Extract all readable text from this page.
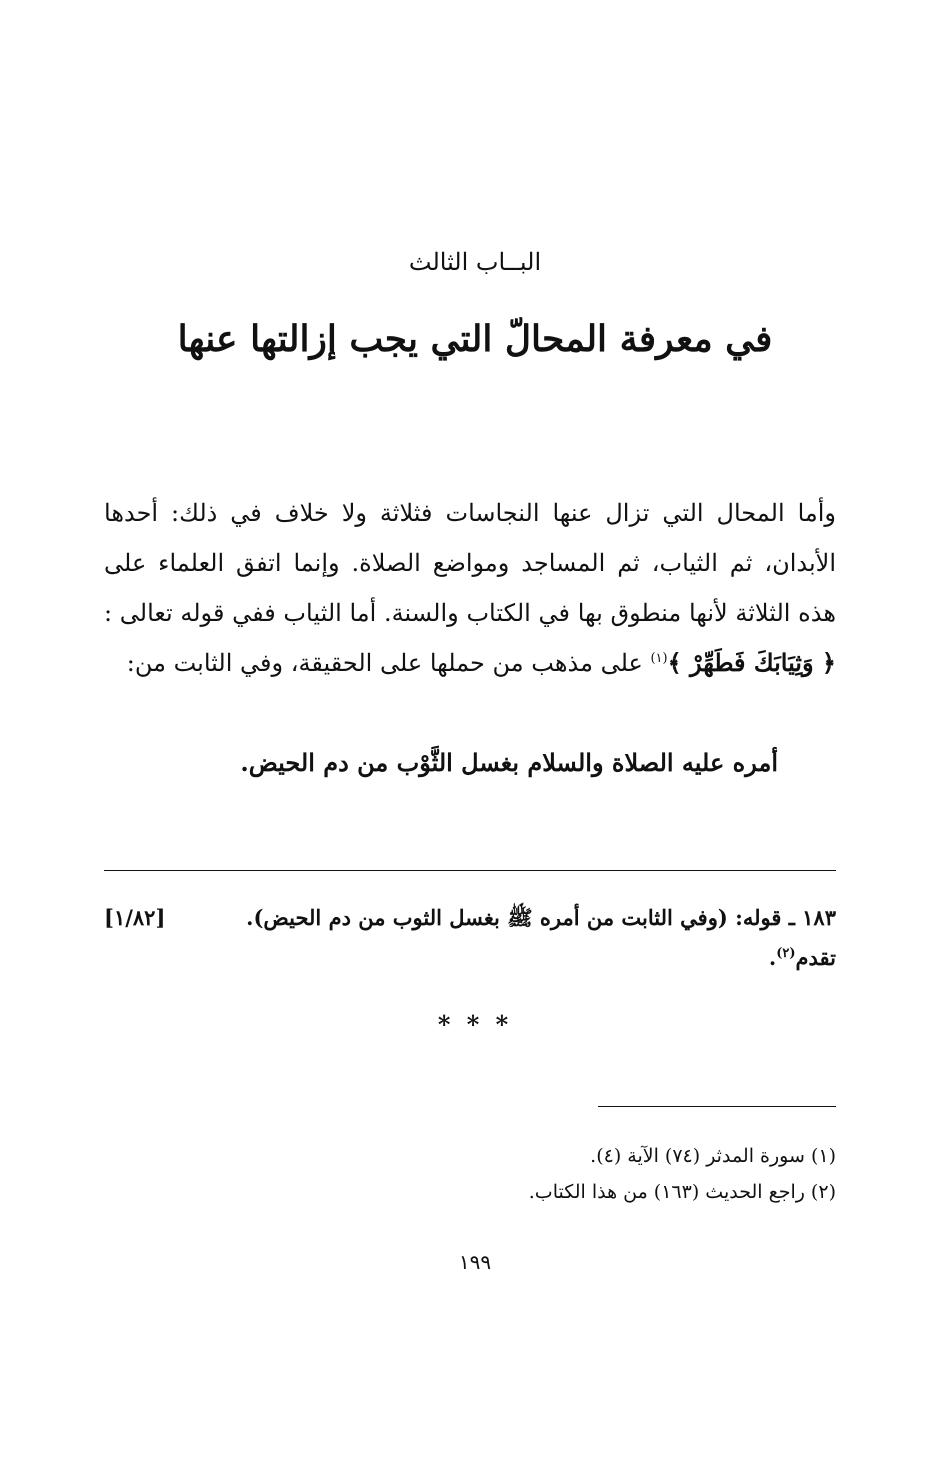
البــاب الثالث
في معرفة المحالّ التي يجب إزالتها عنها
وأما المحال التي تزال عنها النجاسات فثلاثة ولا خلاف في ذلك: أحدها الأبدان، ثم الثياب، ثم المساجد ومواضع الصلاة. وإنما اتفق العلماء على هذه الثلاثة لأنها منطوق بها في الكتاب والسنة. أما الثياب ففي قوله تعالى :﴿ وَثِيَابَكَ فَطَهِّرْ ﴾$^{(١)}$ على مذهب من حملها على الحقيقة، وفي الثابت من:
أمره عليه الصلاة والسلام بغسل الثَّوْب من دم الحيض.
[١/٨٢]	١٨٣ ـ قوله: (وفي الثابت من أمره ﷺ بغسل الثوب من دم الحيض).
تقدم$^{(٢)}$.
* * *
(١) سورة المدثر (٧٤) الآية (٤).
(٢) راجع الحديث (١٦٣) من هذا الكتاب.
١٩٩
